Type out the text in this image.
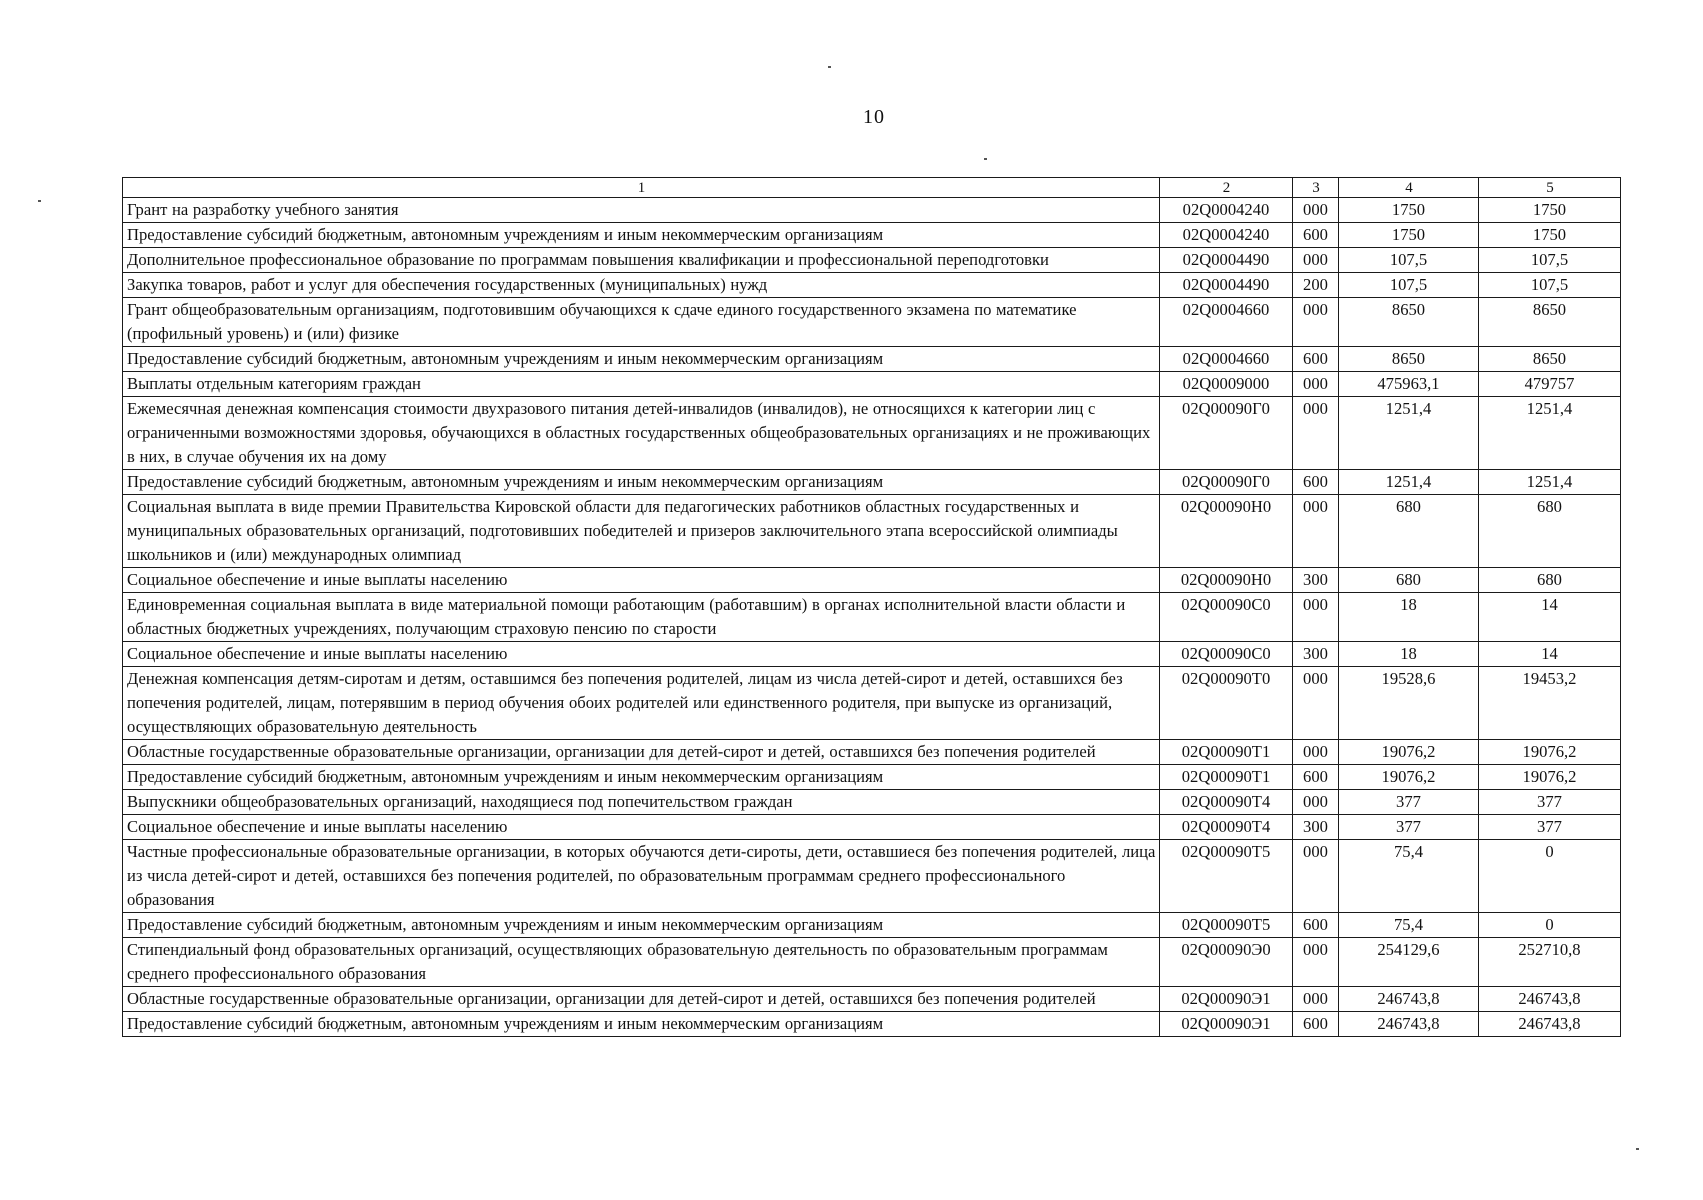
10
1	2	3	4	5
Грант на разработку учебного занятия	02Q0004240	000	1750	1750
Предоставление субсидий бюджетным, автономным учреждениям и иным некоммерческим организациям	02Q0004240	600	1750	1750
Дополнительное профессиональное образование по программам повышения квалификации и профессиональной переподготовки	02Q0004490	000	107,5	107,5
Закупка товаров, работ и услуг для обеспечения государственных (муниципальных) нужд	02Q0004490	200	107,5	107,5
Грант общеобразовательным организациям, подготовившим обучающихся к сдаче единого государственного экзамена по математике (профильный уровень) и (или) физике	02Q0004660	000	8650	8650
Предоставление субсидий бюджетным, автономным учреждениям и иным некоммерческим организациям	02Q0004660	600	8650	8650
Выплаты отдельным категориям граждан	02Q0009000	000	475963,1	479757
Ежемесячная денежная компенсация стоимости двухразового питания детей-инвалидов (инвалидов), не относящихся к категории лиц с ограниченными возможностями здоровья, обучающихся в областных государственных общеобразовательных организациях и не проживающих в них, в случае обучения их на дому	02Q00090Г0	000	1251,4	1251,4
Предоставление субсидий бюджетным, автономным учреждениям и иным некоммерческим организациям	02Q00090Г0	600	1251,4	1251,4
Социальная выплата в виде премии Правительства Кировской области для педагогических работников областных государственных и муниципальных образовательных организаций, подготовивших победителей и призеров заключительного этапа всероссийской олимпиады школьников и (или) международных олимпиад	02Q00090Н0	000	680	680
Социальное обеспечение и иные выплаты населению	02Q00090Н0	300	680	680
Единовременная социальная выплата в виде материальной помощи работающим (работавшим) в органах исполнительной власти области и областных бюджетных учреждениях, получающим страховую пенсию по старости	02Q00090С0	000	18	14
Социальное обеспечение и иные выплаты населению	02Q00090С0	300	18	14
Денежная компенсация детям-сиротам и детям, оставшимся без попечения родителей, лицам из числа детей-сирот и детей, оставшихся без попечения родителей, лицам, потерявшим в период обучения обоих родителей или единственного родителя, при выпуске из организаций, осуществляющих образовательную деятельность	02Q00090Т0	000	19528,6	19453,2
Областные государственные образовательные организации, организации для детей-сирот и детей, оставшихся без попечения родителей	02Q00090Т1	000	19076,2	19076,2
Предоставление субсидий бюджетным, автономным учреждениям и иным некоммерческим организациям	02Q00090Т1	600	19076,2	19076,2
Выпускники общеобразовательных организаций, находящиеся под попечительством граждан	02Q00090Т4	000	377	377
Социальное обеспечение и иные выплаты населению	02Q00090Т4	300	377	377
Частные профессиональные образовательные организации, в которых обучаются дети-сироты, дети, оставшиеся без попечения родителей, лица из числа детей-сирот и детей, оставшихся без попечения родителей, по образовательным программам среднего профессионального образования	02Q00090Т5	000	75,4	0
Предоставление субсидий бюджетным, автономным учреждениям и иным некоммерческим организациям	02Q00090Т5	600	75,4	0
Стипендиальный фонд образовательных организаций, осуществляющих образовательную деятельность по образовательным программам среднего профессионального образования	02Q00090Э0	000	254129,6	252710,8
Областные государственные образовательные организации, организации для детей-сирот и детей, оставшихся без попечения родителей	02Q00090Э1	000	246743,8	246743,8
Предоставление субсидий бюджетным, автономным учреждениям и иным некоммерческим организациям	02Q00090Э1	600	246743,8	246743,8
